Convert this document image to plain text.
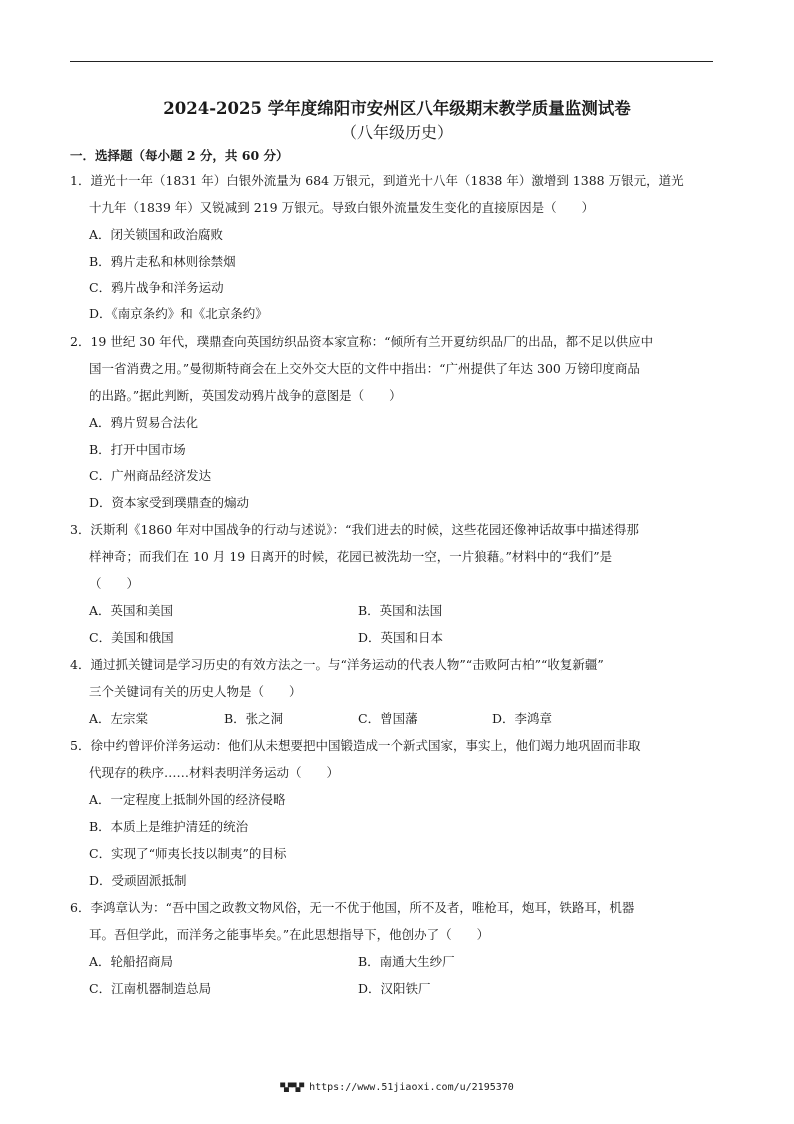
2024-2025 学年度绵阳市安州区八年级期末教学质量监测试卷
（八年级历史）
一．选择题（每小题 2 分，共 60 分）
1．道光十一年（1831 年）白银外流量为 684 万银元，到道光十八年（1838 年）激增到 1388 万银元，道光
十九年（1839 年）又锐减到 219 万银元。导致白银外流量发生变化的直接原因是（　　）
A．闭关锁国和政治腐败
B．鸦片走私和林则徐禁烟
C．鸦片战争和洋务运动
D．《南京条约》和《北京条约》
2．19 世纪 30 年代，璞鼎查向英国纺织品资本家宣称：“倾所有兰开夏纺织品厂的出品，都不足以供应中
国一省消费之用。”曼彻斯特商会在上交外交大臣的文件中指出：“广州提供了年达 300 万镑印度商品
的出路。”据此判断，英国发动鸦片战争的意图是（　　）
A．鸦片贸易合法化
B．打开中国市场
C．广州商品经济发达
D．资本家受到璞鼎查的煽动
3．沃斯利《1860 年对中国战争的行动与述说》：“我们进去的时候，这些花园还像神话故事中描述得那
样神奇；而我们在 10 月 19 日离开的时候，花园已被洗劫一空，一片狼藉。”材料中的“我们”是
（　　）
A．英国和美国	B．英国和法国
C．美国和俄国	D．英国和日本
4．通过抓关键词是学习历史的有效方法之一。与“洋务运动的代表人物”“击败阿古柏”“收复新疆”
三个关键词有关的历史人物是（　　）
A．左宗棠	B．张之洞	C．曾国藩	D．李鸿章
5．徐中约曾评价洋务运动：他们从未想要把中国锻造成一个新式国家，事实上，他们竭力地巩固而非取
代现存的秩序……材料表明洋务运动（　　）
A．一定程度上抵制外国的经济侵略
B．本质上是维护清廷的统治
C．实现了“师夷长技以制夷”的目标
D．受顽固派抵制
6．李鸿章认为：“吾中国之政教文物风俗，无一不优于他国，所不及者，唯枪耳，炮耳，铁路耳，机器
耳。吾但学此，而洋务之能事毕矣。”在此思想指导下，他创办了（　　）
A．轮船招商局	B．南通大生纱厂
C．江南机器制造总局	D．汉阳铁厂
▀▄▀▀▄▀ https://www.51jiaoxi.com/u/2195370
